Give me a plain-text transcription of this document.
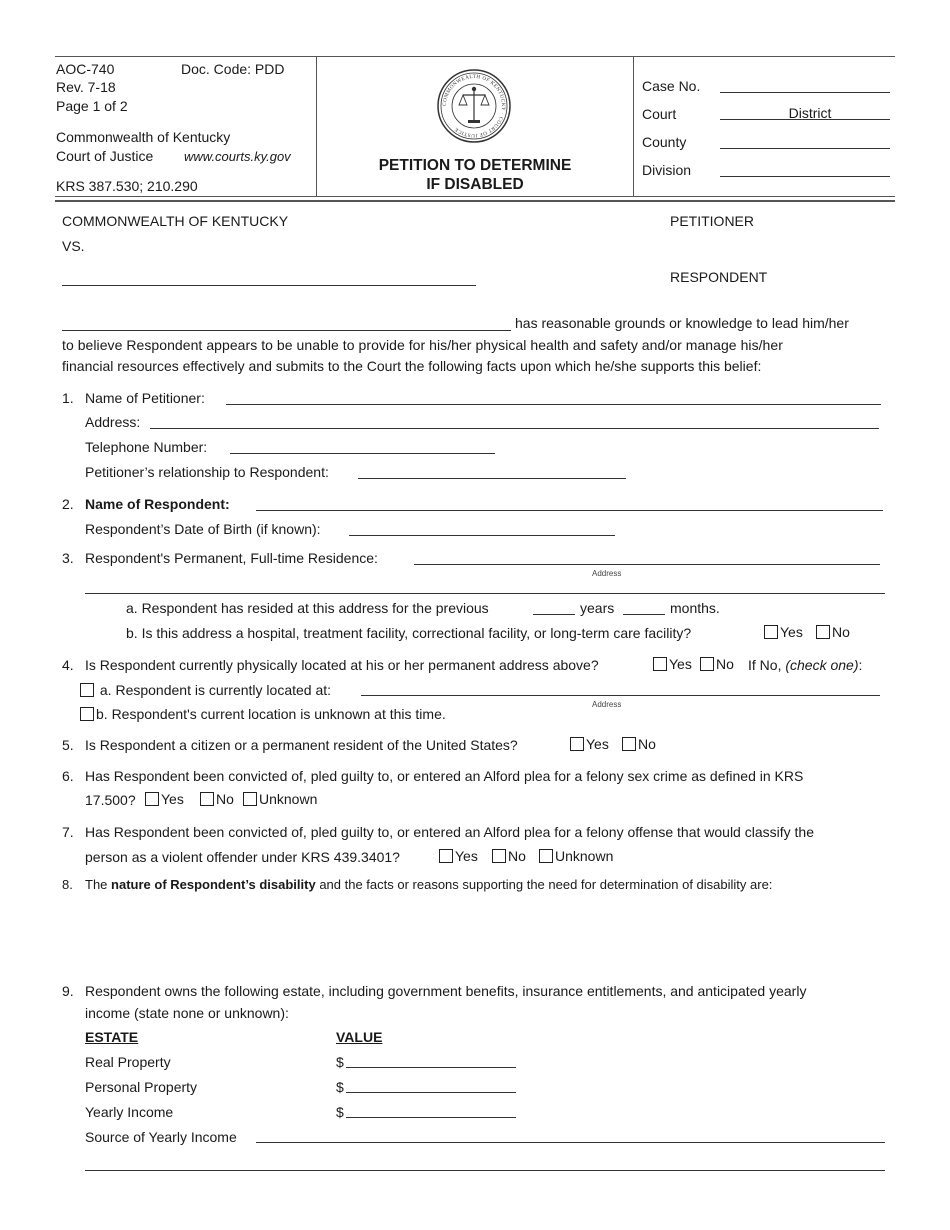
AOC-740	Doc. Code: PDD
Rev. 7-18
Page 1 of 2
Commonwealth of Kentucky
Court of Justice www.courts.ky.gov
KRS 387.530; 210.290
COMMONWEALTH OF KENTUCKY · COURT OF JUSTICE
PETITION TO DETERMINE
IF DISABLED
Case No.
Court	District
County
Division
COMMONWEALTH OF KENTUCKY	PETITIONER
VS.
RESPONDENT
has reasonable grounds or knowledge to lead him/her
to believe Respondent appears to be unable to provide for his/her physical health and safety and/or manage his/her
financial resources effectively and submits to the Court the following facts upon which he/she supports this belief:
1. Name of Petitioner:
Address:
Telephone Number:
Petitioner’s relationship to Respondent:
2. Name of Respondent:
Respondent’s Date of Birth (if known):
3. Respondent's Permanent, Full-time Residence:
Address
a. Respondent has resided at this address for the previous	years	months.
b. Is this address a hospital, treatment facility, correctional facility, or long-term care facility?	Yes	No
4. Is Respondent currently physically located at his or her permanent address above?	Yes	No If No, (check one):
a. Respondent is currently located at:
Address
b. Respondent's current location is unknown at this time.
5. Is Respondent a citizen or a permanent resident of the United States?	Yes	No
6. Has Respondent been convicted of, pled guilty to, or entered an Alford plea for a felony sex crime as defined in KRS
17.500?	Yes	No	Unknown
7. Has Respondent been convicted of, pled guilty to, or entered an Alford plea for a felony offense that would classify the
person as a violent offender under KRS 439.3401?	Yes	No	Unknown
8. The nature of Respondent’s disability and the facts or reasons supporting the need for determination of disability are:
9. Respondent owns the following estate, including government benefits, insurance entitlements, and anticipated yearly
income (state none or unknown):
ESTATE	VALUE
Real Property	$
Personal Property	$
Yearly Income	$
Source of Yearly Income
